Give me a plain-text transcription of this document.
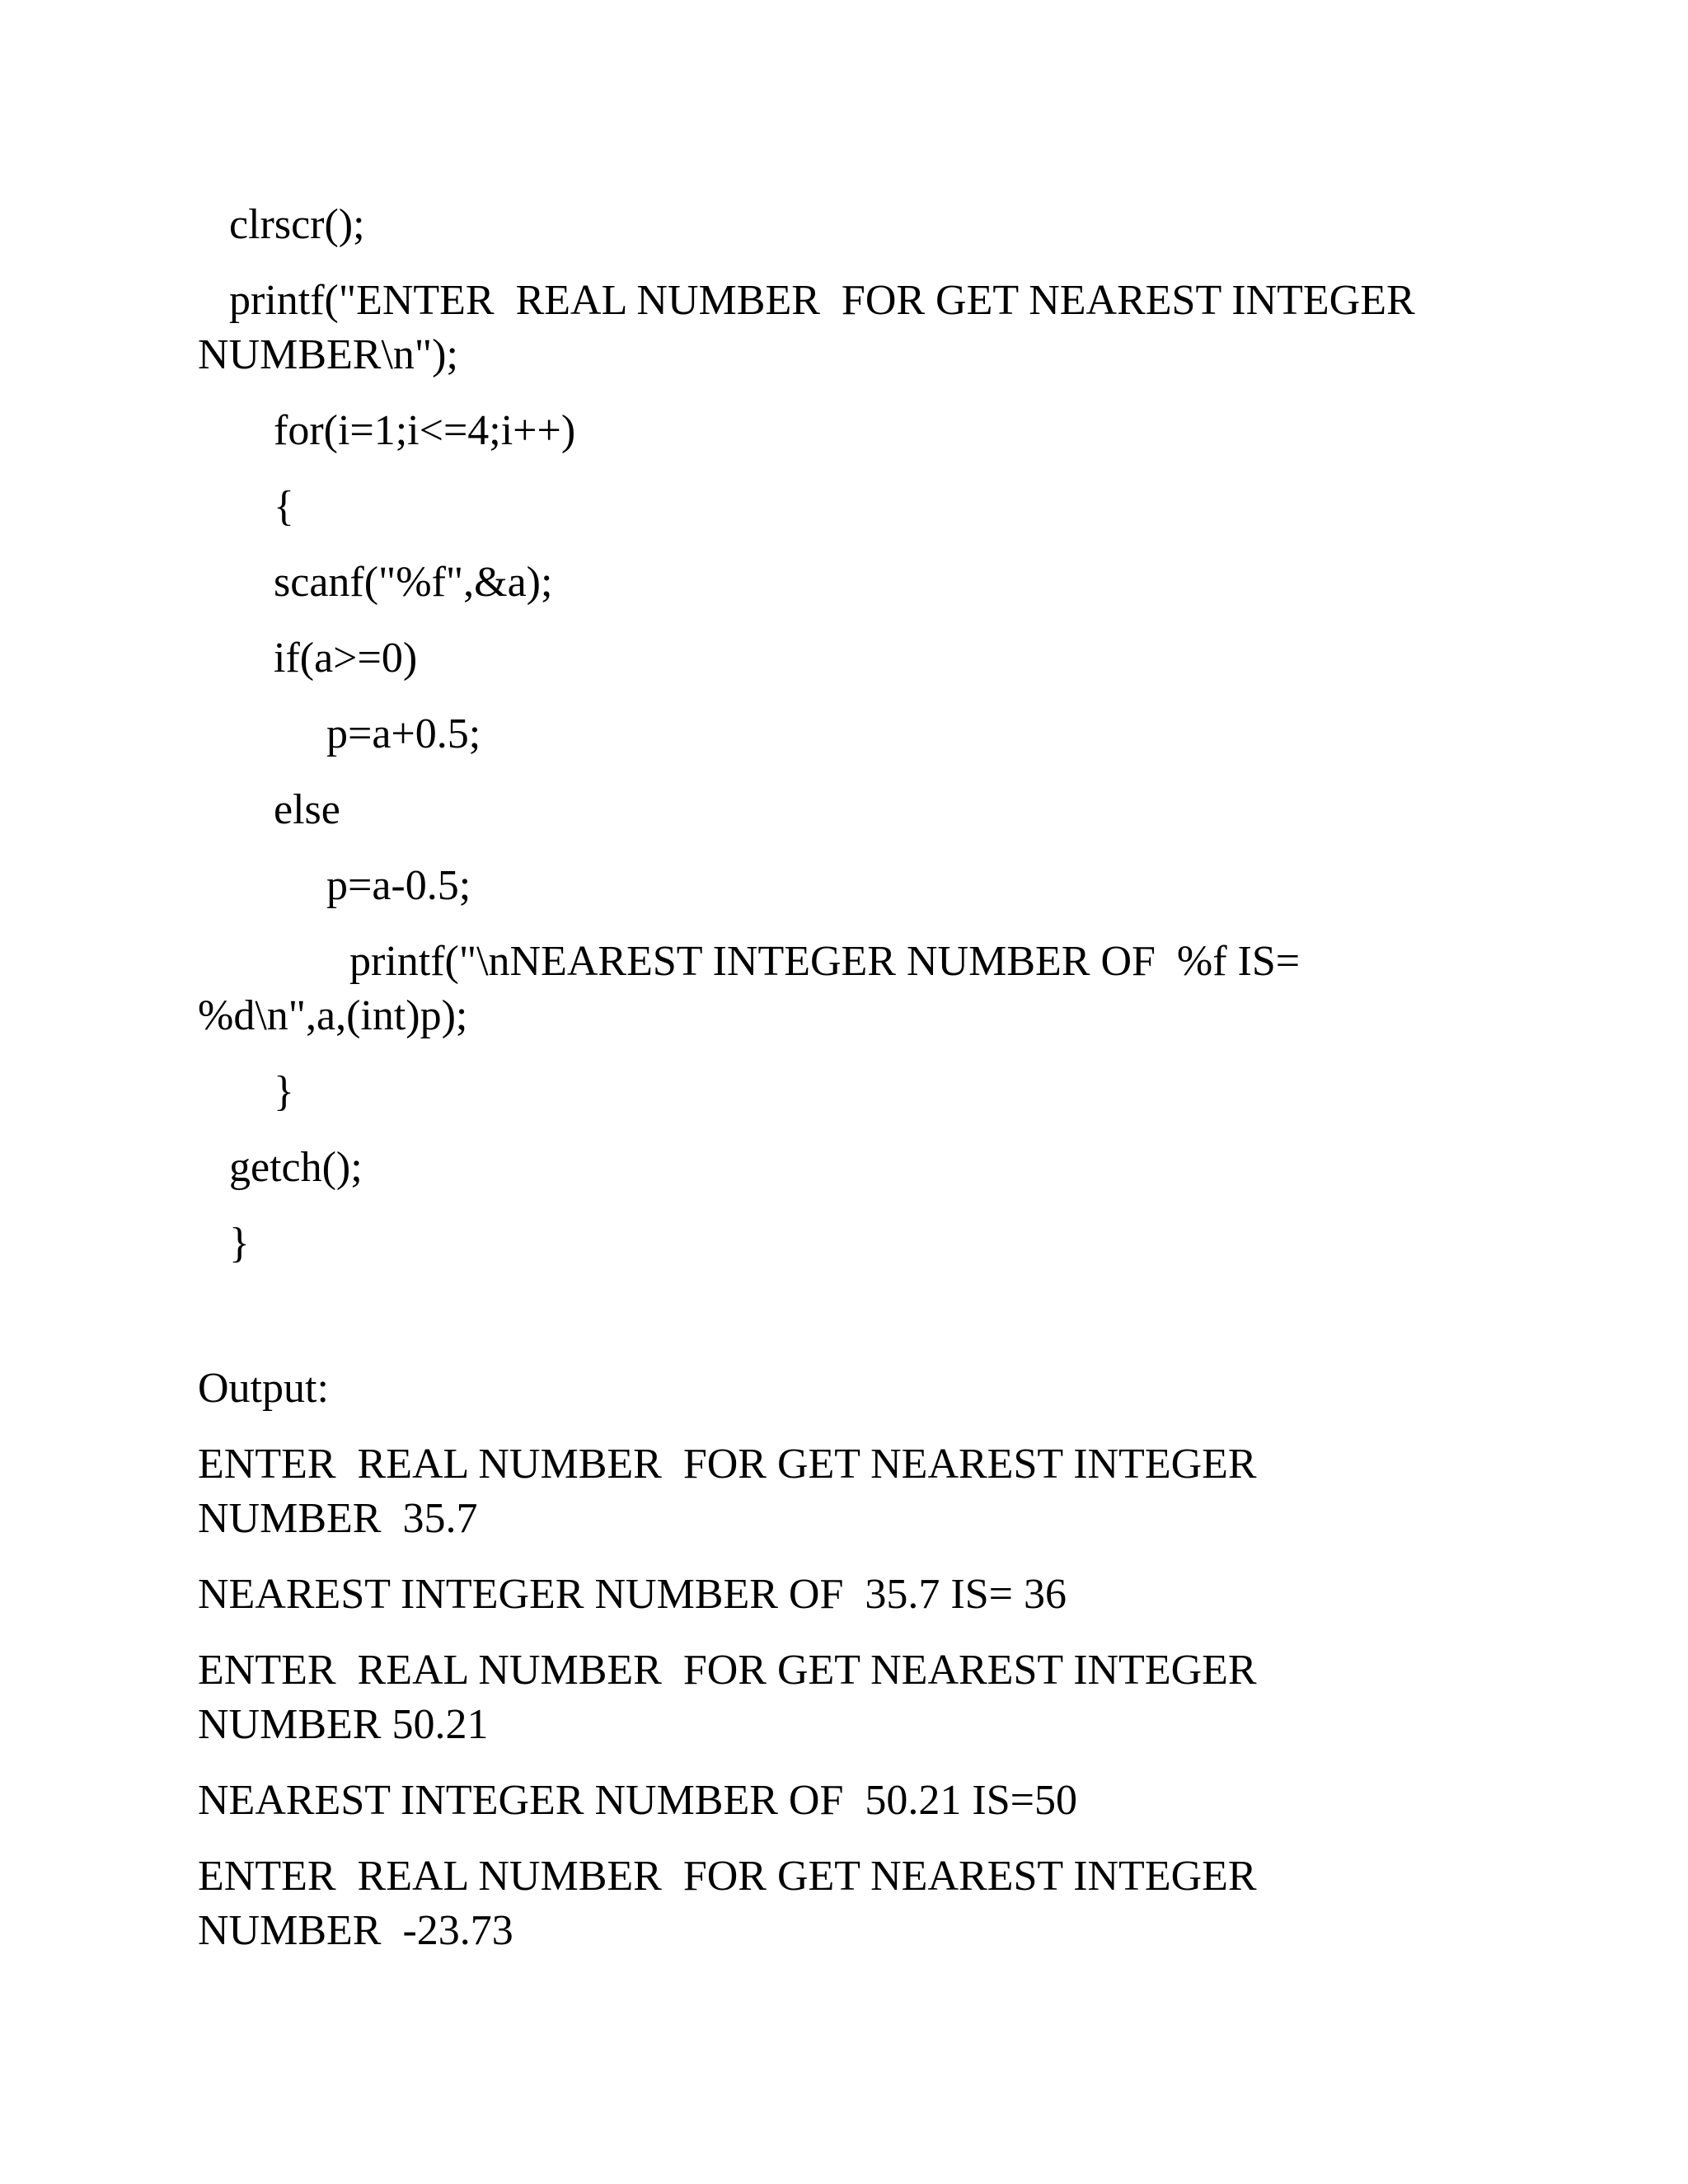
clrscr();

printf("ENTER  REAL NUMBER  FOR GET NEAREST INTEGER

NUMBER\n");

for(i=1;i<=4;i++)

{

scanf("%f",&a);

if(a>=0)

p=a+0.5;

else

p=a-0.5;

printf("\nNEAREST INTEGER NUMBER OF  %f IS=

%d\n",a,(int)p);

}

getch();

}

Output:

ENTER  REAL NUMBER  FOR GET NEAREST INTEGER

NUMBER  35.7

NEAREST INTEGER NUMBER OF  35.7 IS= 36

ENTER  REAL NUMBER  FOR GET NEAREST INTEGER

NUMBER 50.21

NEAREST INTEGER NUMBER OF  50.21 IS=50

ENTER  REAL NUMBER  FOR GET NEAREST INTEGER

NUMBER  -23.73
